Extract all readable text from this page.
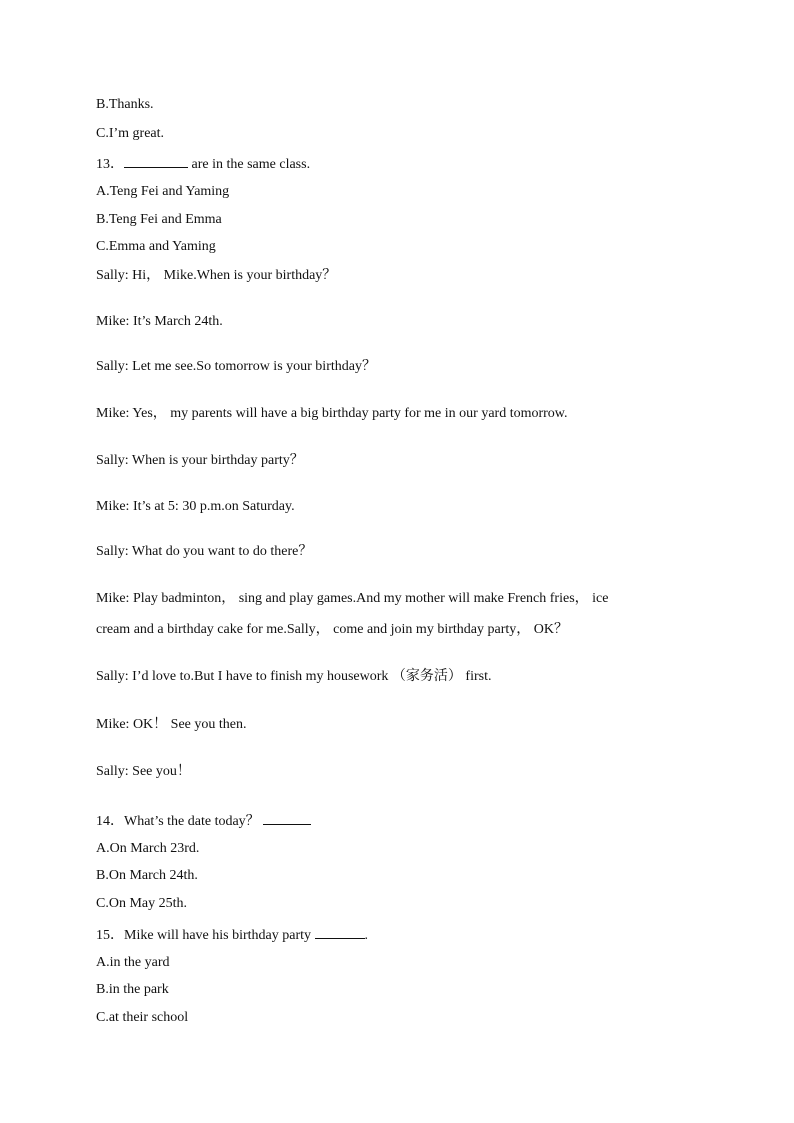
B.Thanks.
C.I’m great.
13．	are in the same class.
A.Teng Fei and Yaming
B.Teng Fei and Emma
C.Emma and Yaming
Sally: Hi， Mike.When is your birthday？
Mike: It’s March 24th.
Sally: Let me see.So tomorrow is your birthday？
Mike: Yes， my parents will have a big birthday party for me in our yard tomorrow.
Sally: When is your birthday party？
Mike: It’s at 5: 30 p.m.on Saturday.
Sally: What do you want to do there？
Mike: Play badminton， sing and play games.And my mother will make French fries， ice
cream and a birthday cake for me.Sally， come and join my birthday party， OK？
Sally: I’d love to.But I have to finish my housework （家务活） first.
Mike: OK！ See you then.
Sally: See you！
14．What’s the date today？
A.On March 23rd.
B.On March 24th.
C.On May 25th.
15．Mike will have his birthday party	.
A.in the yard
B.in the park
C.at their school
